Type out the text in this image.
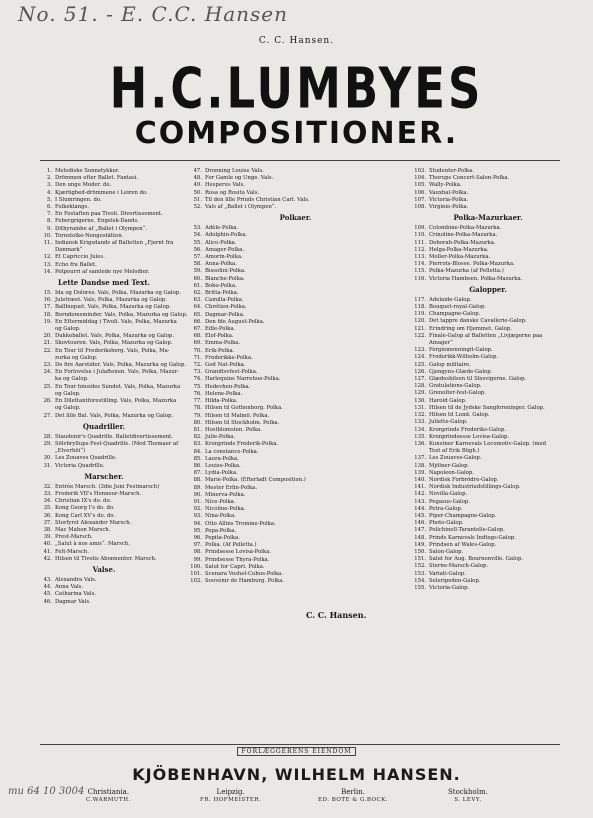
No. 51. - E. C.C. Hansen
C. C. Hansen.
H.C.LUMBYES
COMPOSITIONER.
1. Melodiske Sonnetykker.
2. Drömmen efter Ballet. Fantasi.
3. Den unge Moder. do.
4. Kjærlighed-drömmene i Leiren do.
5. I Slumringen. do.
6. Folkeklangs.
7. En Festaften paa Tivoli. Divertissement.
8. Febergrigerne. Engelsk-Dands.
9. Dithyrambe af „Ballet i Olympen“.
10. Tornstolke-Nengestätten.
11. Indiansk Krigsdands af Balletten „Fjernt fra
Danmark“
12. Et Capriccio Jules.
13. Echo fra Ballet.
14. Potpourri af samlede nye Melodier.
Lette Dandse med Text.
15. Ida og Dolores. Vals, Polka, Mazurka og Galop.
16. Juletræet. Vals, Polka, Mazurka og Galop.
17. Ballbuquet. Vals, Polka, Mazurka og Galop.
18. Borndomsminder. Vals, Polka, Mazurka og Galop.
19. En Eftermiddag i Tivoli. Vals, Polka, Mazurka
og Galop.
20. Dukkeballet. Vals, Polka, Mazurka og Galop.
21. Skovtouren. Vals, Polka, Mazurka og Galop.
22. En Tour til Frederiksberg. Vals, Polka, Ma-
zurka og Galop.
23. De fire Aarstider. Vals, Polka, Mazurka og Galop.
24. En Forlovelse i Julaftenen. Vals, Polka, Mazur-
ka og Galop.
25. En Tour hinsides Sundet. Vals, Polka, Mazurka
og Galop.
26. En Dilettantforestilling. Vals, Polka, Mazurka
og Galop.
27. Det lille Bal. Vals, Polka, Mazurka og Galop.
Quadriller.
28. Staudenir's Quadrille. Balletdivertissement.
29. Sölvbryllups-Fest-Quadrille. (Med Themaer af
„Elverhöi“)
30. Les Zouaves Quadrille.
31. Victoria Quadrille.
Marscher.
32. Entrée Marsch. (3die Juni Festmarsch)
33. Frederik VII's Honneur-Marsch.
34. Christian IX's do. do.
35. Kong Georg I's do. do.
36. Kong Carl XV's do. do.
37. Storfyrst Alexander Marsch.
38. Mac Mahon Marsch.
39. Prest-Marsch.
40. „Salut à nos amis“. Marsch.
41. Felt-Marsch.
42. Hilsen til Tivolis Abonnenter. Marsch.
Valse.
43. Alexandra Vals.
44. Anna Vals.
45. Catharina Vals.
46. Dagmar Vals.
47. Dronning Louise Vals.
48. For Gamle og Unge. Vals.
49. Hesperus Vals.
50. Rosa og Rosita Vals.
51. Til den lille Prinds Christian Carl. Vals.
52. Vals af „Ballet i Olympen“.
Polkaer.
53. Adèle-Polka.
54. Adolphin-Polka.
55. Alice-Polka.
56. Amager-Polka.
57. Amorin-Polka.
58. Anna-Polka.
59. Bissolini-Polka.
60. Blanche-Polka.
61. Bobo-Polka.
62. Britta-Polka.
63. Camilla-Polka.
64. Chrétien-Polka.
65. Dagmar-Polka.
66. Den fde August-Polka.
67. Edle-Polka.
68. Elof-Polka.
69. Emma-Polka.
70. Erik-Polka.
71. Frederikke-Polka.
72. God Nat-Polka.
73. Grandtsvfest-Polka.
74. Harlequins Narrehue-Polka.
75. Hedevhen-Polka.
76. Helene-Polka.
77. Hilda-Polka.
78. Hilsen til Gothenborg. Polka.
79. Hilsen til Malmö. Polka.
80. Hilsen til Stockholm. Polka.
81. Hostblomsten. Polka.
82. Julie-Polka.
83. Kronprinds Frederik-Polka.
84. La constance-Polka.
85. Laura-Polka.
86. Louise-Polka.
87. Lydia-Polka.
88. Marie-Polka. (Efterladt Composition.)
89. Mester Erlin-Polka.
90. Minerva-Polka.
91. Nice-Polka.
92. Nicoline-Polka.
93. Nina-Polka.
94. Otto Allins Tromme-Polka.
95. Pepa-Polka.
96. Pepita-Polka.
97. Polka. (Af Pelletta.)
98. Prindsesse Lovisa-Polka.
99. Prindsesse Thyra-Polka.
100. Salut for Capri. Polka.
101. Scenara Voshel-Cubus-Polka.
102. Souvenir de Hamburg. Polka.
103. Studenter-Polka.
104. Thorups Concert-Salon-Polka.
105. Wally-Polka.
106. Vauxhal-Polka.
107. Victoria-Polka.
108. Virginie-Polka.
Polka-Mazurkaer.
109. Colombine-Polka-Mazurka.
110. Crinoline-Polka-Mazurka.
111. Deborah-Polka-Mazurka.
112. Helga-Polka-Mazurka.
113. Moller-Polka-Mazurka.
114. Pierrots-Blosse. Polka-Mazurka.
115. Polka-Mazurka (af Pelletta.)
116. Victoria Hambsen. Polka-Mazurka.
Galopper.
117. Adelaide-Galop.
118. Bouquet-royal-Galop.
119. Champagne-Galop.
120. Det tappre danske Cavallerie-Galop.
121. Erindring om Hjemmet. Galop.
122. Finale-Galop af Balletten „Livjægerne paa
Amager“
123. Fergiemenningit-Galop.
124. Frederikk-Wilhelm-Galop.
125. Galop militaire.
126. Gjengyns-Glæde-Galop.
127. Glædesbilsen til Slesvigerne. Galop.
128. Gratulations-Galop.
129. Grenolter-fest-Galop.
130. Harold Galop.
131. Hilsen til de Jydske Sangforeninger. Galop.
132. Hilsen til Lund. Galop.
133. Juliette-Galop.
134. Kronprinds Frederiks-Galop.
135. Kronprindsesse Lovisa-Galop.
136. Kunstner Karnevals Locomotiv-Galop. (med
Text af Erik Bögh.)
137. Les Zouaves-Galop.
138. Mjölner-Galop.
139. Napoleon-Galop.
140. Nordisk Forbrödre-Galop.
141. Nordisk Industriudstillings-Galop.
142. Novilla-Galop.
143. Pegasus-Galop.
144. Petra-Galop.
145. Piper-Champagne-Galop.
146. Photo-Galop.
147. Polichinell-Tarantelle-Galop.
148. Prinds Karnevals Indtogs-Galop.
149. Prindsen af Wales-Galop.
150. Salon-Galop.
151. Salut for Aug. Bournonville. Galop.
152. Sterne-Marsch-Galop.
153. Variati-Galop.
154. Seleripeden-Galop.
155. Victoria-Galop.
C. C. Hansen.
FORLÆGGERENS EIENDOM
KJÖBENHAVN, WILHELM HANSEN.
Christiania.
C.WARMUTH.
Leipzig.
FR. HOFMEISTER.
Berlin.
ED. BOTE & G.BOCK.
Stockholm.
S. LEVY.
mu 64 10 3004
